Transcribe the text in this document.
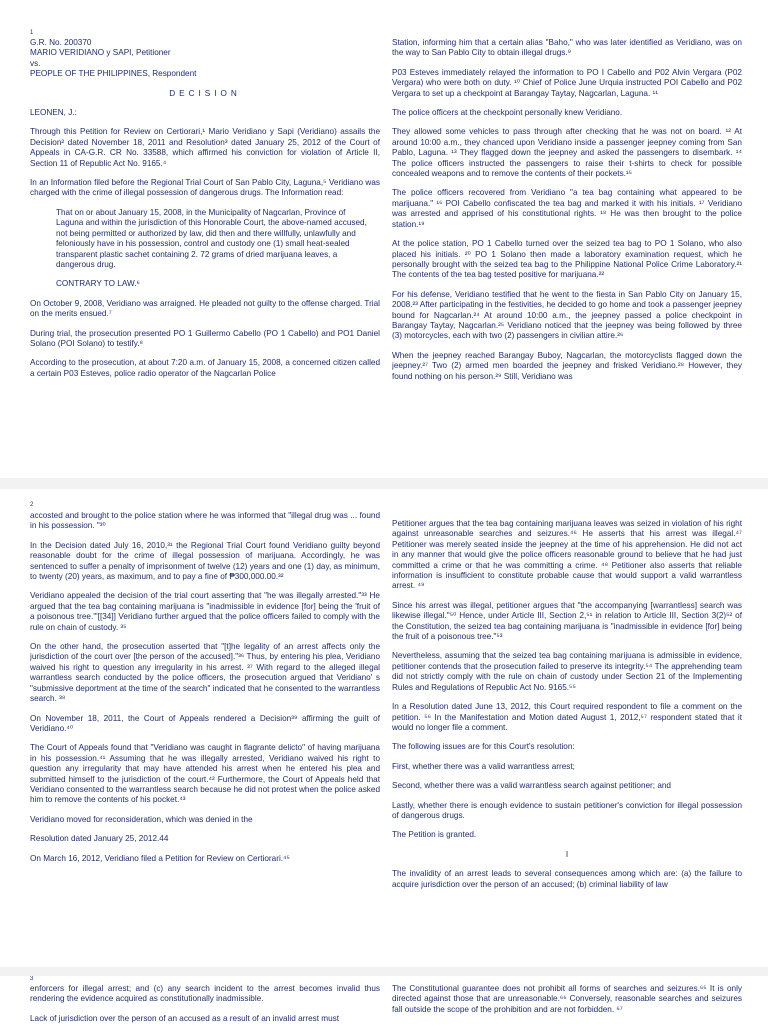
1

G.R. No. 200370

MARIO VERIDIANO y SAPI, Petitioner

vs.

PEOPLE OF THE PHILIPPINES, Respondent

DECISION

LEONEN, J.:

Through this Petition for Review on Certiorari,¹ Mario Veridiano y Sapi (Veridiano) assails the Decision² dated November 18, 2011 and Resolution³ dated January 25, 2012 of the Court of Appeals in CA-G.R. CR No. 33588, which affirmed his conviction for violation of Article II, Section 11 of Republic Act No. 9165.⁴

In an Information filed before the Regional Trial Court of San Pablo City, Laguna,⁵ Veridiano was charged with the crime of illegal possession of dangerous drugs. The Information read:

That on or about January 15, 2008, in the Municipality of Nagcarlan, Province of Laguna and within the jurisdiction of this Honorable Court, the above-named accused, not being permitted or authorized by law, did then and there willfully, unlawfully and feloniously have in his possession, control and custody one (1) small heat-sealed transparent plastic sachet containing 2. 72 grams of dried marijuana leaves, a dangerous drug.

CONTRARY TO LAW.⁶

On October 9, 2008, Veridiano was arraigned. He pleaded not guilty to the offense charged. Trial on the merits ensued.⁷

During trial, the prosecution presented PO 1 Guillermo Cabello (PO 1 Cabello) and PO1 Daniel Solano (POI Solano) to testify.⁸

According to the prosecution, at about 7:20 a.m. of January 15, 2008, a concerned citizen called a certain P03 Esteves, police radio operator of the Nagcarlan Police

Station, informing him that a certain alias "Baho," who was later identified as Veridiano, was on the way to San Pablo City to obtain illegal drugs.⁹

P03 Esteves immediately relayed the information to PO I Cabello and P02 Alvin Vergara (P02 Vergara) who were both on duty. ¹⁰ Chief of Police June Urquia instructed POI Cabello and P02 Vergara to set up a checkpoint at Barangay Taytay, Nagcarlan, Laguna. ¹¹

The police officers at the checkpoint personally knew Veridiano.

They allowed some vehicles to pass through after checking that he was not on board. ¹² At around 10:00 a.m., they chanced upon Veridiano inside a passenger jeepney coming from San Pablo, Laguna. ¹³ They flagged down the jeepney and asked the passengers to disembark. ¹⁴ The police officers instructed the passengers to raise their t-shirts to check for possible concealed weapons and to remove the contents of their pockets.¹⁵

The police officers recovered from Veridiano "a tea bag containing what appeared to be marijuana." ¹⁶ POI Cabello confiscated the tea bag and marked it with his initials. ¹⁷ Veridiano was arrested and apprised of his constitutional rights. ¹⁸ He was then brought to the police station.¹⁹

At the police station, PO 1 Cabello turned over the seized tea bag to PO 1 Solano, who also placed his initials. ²⁰ PO 1 Solano then made a laboratory examination request, which he personally brought with the seized tea bag to the Philippine National Police Crime Laboratory.²¹ The contents of the tea bag tested positive for marijuana.²²

For his defense, Veridiano testified that he went to the fiesta in San Pablo City on January 15, 2008.²³ After participating in the festivities, he decided to go home and took a passenger jeepney bound for Nagcarlan.²⁴ At around 10:00 a.m., the jeepney passed a police checkpoint in Barangay Taytay, Nagcarlan.²⁵ Veridiano noticed that the jeepney was being followed by three (3) motorcycles, each with two (2) passengers in civilian attire.²⁶

When the jeepney reached Barangay Buboy, Nagcarlan, the motorcyclists flagged down the jeepney.²⁷ Two (2) armed men boarded the jeepney and frisked Veridiano.²⁸ However, they found nothing on his person.²⁹ Still, Veridiano was

2

accosted and brought to the police station where he was informed that "illegal drug was ... found in his possession. "³⁰

In the Decision dated July 16, 2010,³¹ the Regional Trial Court found Veridiano guilty beyond reasonable doubt for the crime of illegal possession of marijuana. Accordingly, he was sentenced to suffer a penalty of imprisonment of twelve (12) years and one (1) day, as minimum, to twenty (20) years, as maximum, and to pay a fine of ₱300,000.00.³²

Veridiano appealed the decision of the trial court asserting that "he was illegally arrested."³³ He argued that the tea bag containing marijuana is "inadmissible in evidence [for] being the 'fruit of a poisonous tree.'"[[34]] Veridiano further argued that the police officers failed to comply with the rule on chain of custody. ³⁵

On the other hand, the prosecution asserted that "[t]he legality of an arrest affects only the jurisdiction of the court over [the person of the accused]."³⁶ Thus, by entering his plea, Veridiano waived his right to question any irregularity in his arrest. ³⁷ With regard to the alleged illegal warrantless search conducted by the police officers, the prosecution argued that Veridiano' s "submissive deportment at the time of the search" indicated that he consented to the warrantless search. ³⁸

On November 18, 2011, the Court of Appeals rendered a Decision³⁹ affirming the guilt of Veridiano.⁴⁰

The Court of Appeals found that "Veridiano was caught in flagrante delicto" of having marijuana in his possession.⁴¹ Assuming that he was illegally arrested, Veridiano waived his right to question any irregularity that may have attended his arrest when he entered his plea and submitted himself to the jurisdiction of the court.⁴² Furthermore, the Court of Appeals held that Veridiano consented to the warrantless search because he did not protest when the police asked him to remove the contents of his pocket.⁴³

Veridiano moved for reconsideration, which was denied in the

Resolution dated January 25, 2012.44

On March 16, 2012, Veridiano filed a Petition for Review on Certiorari.⁴⁵

Petitioner argues that the tea bag containing marijuana leaves was seized in violation of his right against unreasonable searches and seizures.⁴⁶ He asserts that his arrest was illegal.⁴⁷ Petitioner was merely seated inside the jeepney at the time of his apprehension. He did not act in any manner that would give the police officers reasonable ground to believe that he had just committed a crime or that he was committing a crime. ⁴⁸ Petitioner also asserts that reliable information is insufficient to constitute probable cause that would support a valid warrantless arrest. ⁴⁹

Since his arrest was illegal, petitioner argues that "the accompanying [warrantless] search was likewise illegal."⁵⁰ Hence, under Article III, Section 2,⁵¹ in relation to Article III, Section 3(2)⁵² of the Constitution, the seized tea bag containing marijuana is "inadmissible in evidence [for] being the fruit of a poisonous tree."⁵³

Nevertheless, assuming that the seized tea bag containing marijuana is admissible in evidence, petitioner contends that the prosecution failed to preserve its integrity.⁵⁴ The apprehending team did not strictly comply with the rule on chain of custody under Section 21 of the Implementing Rules and Regulations of Republic Act No. 9165.⁵⁵

In a Resolution dated June 13, 2012, this Court required respondent to file a comment on the petition. ⁵⁶ In the Manifestation and Motion dated August 1, 2012,⁵⁷ respondent stated that it would no longer file a comment.

The following issues are for this Court's resolution:

First, whether there was a valid warrantless arrest;

Second, whether there was a valid warrantless search against petitioner; and

Lastly, whether there is enough evidence to sustain petitioner's conviction for illegal possession of dangerous drugs.

The Petition is granted.

I

The invalidity of an arrest leads to several consequences among which are: (a) the failure to acquire jurisdiction over the person of an accused; (b) criminal liability of law

3

enforcers for illegal arrest; and (c) any search incident to the arrest becomes invalid thus rendering the evidence acquired as constitutionally inadmissible.

Lack of jurisdiction over the person of an accused as a result of an invalid arrest must

The Constitutional guarantee does not prohibit all forms of searches and seizures.⁶⁵ It is only directed against those that are unreasonable.⁶⁶ Conversely, reasonable searches and seizures fall outside the scope of the prohibition and are not forbidden. ⁶⁷
